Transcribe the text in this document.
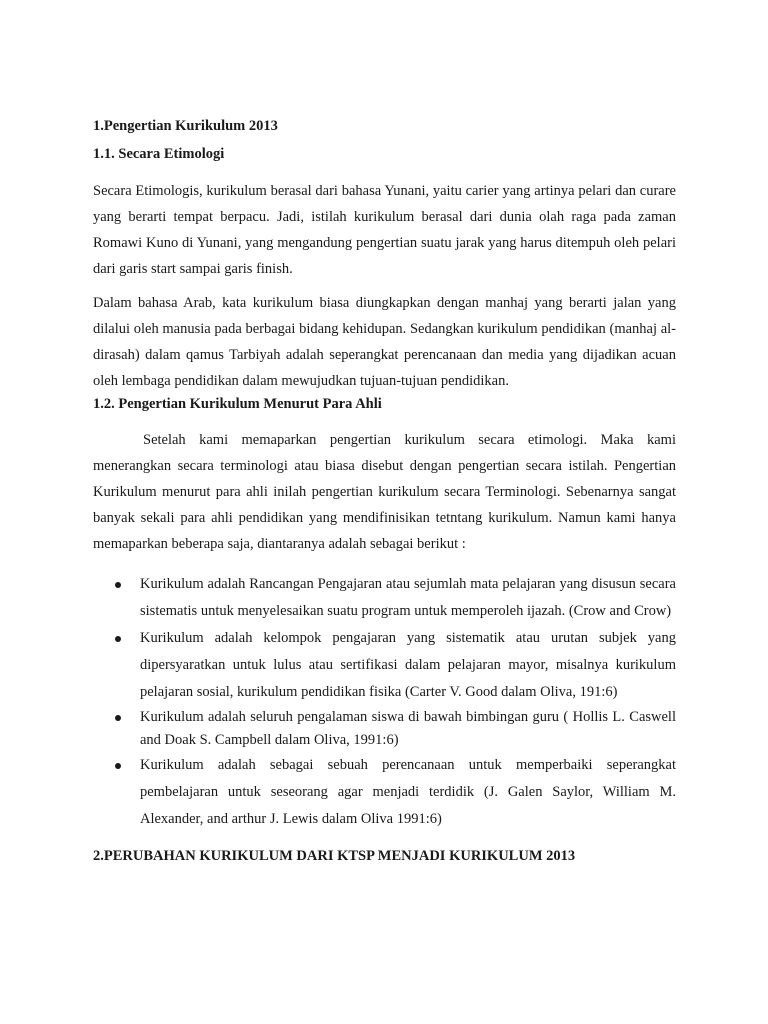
1.Pengertian Kurikulum 2013
1.1. Secara Etimologi

Secara Etimologis, kurikulum berasal dari bahasa Yunani, yaitu carier yang artinya pelari dan curare yang berarti tempat berpacu. Jadi, istilah kurikulum berasal dari dunia olah raga pada zaman Romawi Kuno di Yunani, yang mengandung pengertian suatu jarak yang harus ditempuh oleh pelari dari garis start sampai garis finish.

Dalam bahasa Arab, kata kurikulum biasa diungkapkan dengan manhaj yang berarti jalan yang dilalui oleh manusia pada berbagai bidang kehidupan. Sedangkan kurikulum pendidikan (manhaj al-dirasah) dalam qamus Tarbiyah adalah seperangkat perencanaan dan media yang dijadikan acuan oleh lembaga pendidikan dalam mewujudkan tujuan-tujuan pendidikan.

1.2. Pengertian Kurikulum Menurut Para Ahli

Setelah kami memaparkan pengertian kurikulum secara etimologi. Maka kami menerangkan secara terminologi atau biasa disebut dengan pengertian secara istilah. Pengertian Kurikulum menurut para ahli inilah pengertian kurikulum secara Terminologi. Sebenarnya sangat banyak sekali para ahli pendidikan yang mendifinisikan tetntang kurikulum. Namun kami hanya memaparkan beberapa saja, diantaranya adalah sebagai berikut :

Kurikulum adalah Rancangan Pengajaran atau sejumlah mata pelajaran yang disusun secara sistematis untuk menyelesaikan suatu program untuk memperoleh ijazah. (Crow and Crow)
Kurikulum adalah kelompok pengajaran yang sistematik atau urutan subjek yang dipersyaratkan untuk lulus atau sertifikasi dalam pelajaran mayor, misalnya kurikulum pelajaran sosial, kurikulum pendidikan fisika (Carter V. Good dalam Oliva, 191:6)
Kurikulum adalah seluruh pengalaman siswa di bawah bimbingan guru ( Hollis L. Caswell and Doak S. Campbell dalam Oliva, 1991:6)
Kurikulum adalah sebagai sebuah perencanaan untuk memperbaiki seperangkat pembelajaran untuk seseorang agar menjadi terdidik (J. Galen Saylor, William M. Alexander, and arthur J. Lewis dalam Oliva 1991:6)
2.PERUBAHAN KURIKULUM DARI KTSP MENJADI KURIKULUM 2013
